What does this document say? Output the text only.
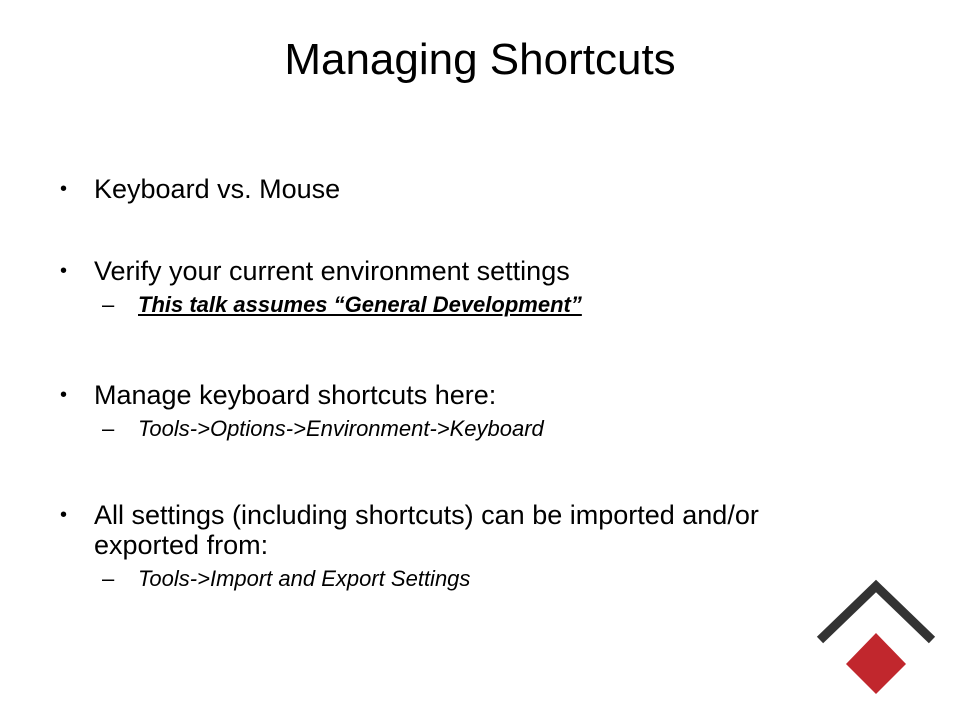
Managing Shortcuts
• Keyboard vs. Mouse
• Verify your current environment settings
–	This talk assumes “General Development”
• Manage keyboard shortcuts here:
–	Tools->Options->Environment->Keyboard
• All settings (including shortcuts) can be imported and/or exported from:
–	Tools->Import and Export Settings
